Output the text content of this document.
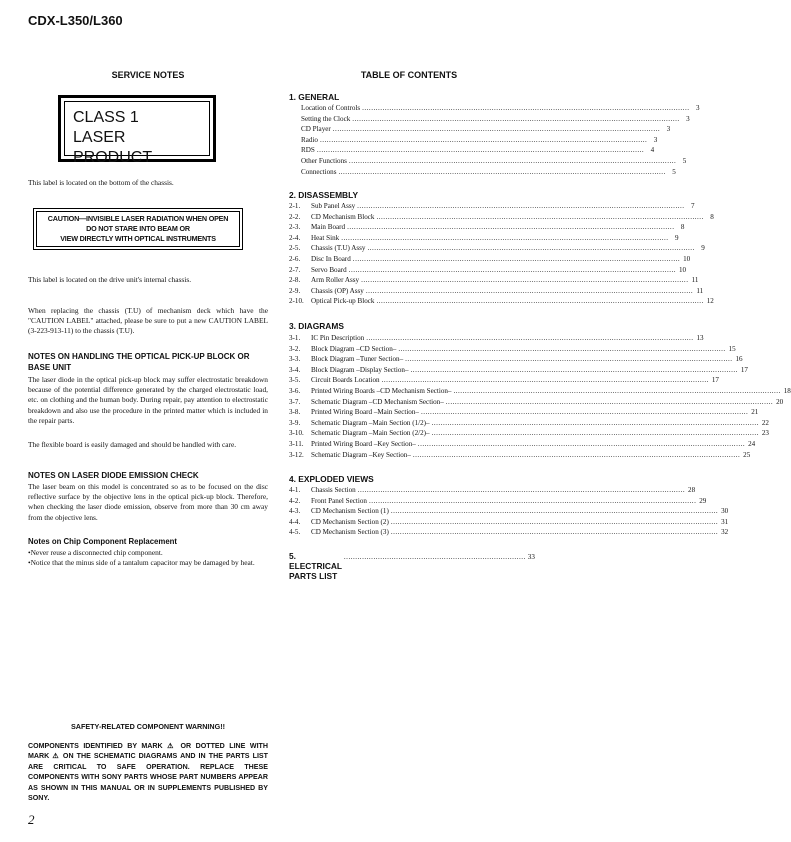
CDX-L350/L360
SERVICE NOTES
CLASS 1
LASER PRODUCT
This label is located on the bottom of the chassis.
CAUTION—INVISIBLE LASER RADIATION WHEN OPEN
DO NOT STARE INTO BEAM OR
VIEW DIRECTLY WITH OPTICAL INSTRUMENTS
This label is located on the drive unit's internal chassis.
When replacing the chassis (T.U) of mechanism deck which have the "CAUTION LABEL" attached, please be sure to put a new CAUTION LABEL (3-223-913-11) to the chassis (T.U).
NOTES ON HANDLING THE OPTICAL PICK-UP BLOCK OR BASE UNIT
The laser diode in the optical pick-up block may suffer electrostatic breakdown because of the potential difference generated by the charged electrostatic load, etc. on clothing and the human body. During repair, pay attention to electrostatic breakdown and also use the procedure in the printed matter which is included in the repair parts.
The flexible board is easily damaged and should be handled with care.
NOTES ON LASER DIODE EMISSION CHECK
The laser beam on this model is concentrated so as to be focused on the disc reflective surface by the objective lens in the optical pick-up block. Therefore, when checking the laser diode emission, observe from more than 30 cm away from the objective lens.
Notes on Chip Component Replacement
•Never reuse a disconnected chip component.
•Notice that the minus side of a tantalum capacitor may be damaged by heat.
TABLE OF CONTENTS
1. GENERAL
Location of Controls .....	3
Setting the Clock .....	3
CD Player .....	3
Radio .....	3
RDS .....	4
Other Functions .....	5
Connections .....	5
2. DISASSEMBLY
2-1.	Sub Panel Assy .....	7
2-2.	CD Mechanism Block .....	8
2-3.	Main Board .....	8
2-4.	Heat Sink .....	9
2-5.	Chassis (T.U) Assy .....	9
2-6.	Disc In Board .....	10
2-7.	Servo Board .....	10
2-8.	Arm Roller Assy .....	11
2-9.	Chassis (OP) Assy .....	11
2-10.	Optical Pick-up Block .....	12
3. DIAGRAMS
3-1.	IC Pin Description .....	13
3-2.	Block Diagram –CD Section– .....	15
3-3.	Block Diagram –Tuner Section– .....	16
3-4.	Block Diagram –Display Section– .....	17
3-5.	Circuit Boards Location .....	17
3-6.	Printed Wiring Boards –CD Mechanism Section– .....	18
3-7.	Schematic Diagram –CD Mechanism Section– .....	20
3-8.	Printed Wiring Board –Main Section– .....	21
3-9.	Schematic Diagram –Main Section (1/2)– .....	22
3-10.	Schematic Diagram –Main Section (2/2)– .....	23
3-11.	Printed Wiring Board –Key Section– .....	24
3-12.	Schematic Diagram –Key Section– .....	25
4. EXPLODED VIEWS
4-1.	Chassis Section .....	28
4-2.	Front Panel Section .....	29
4-3.	CD Mechanism Section (1) .....	30
4-4.	CD Mechanism Section (2) .....	31
4-5.	CD Mechanism Section (3) .....	32
5. ELECTRICAL PARTS LIST
................................................................................ 33
SAFETY-RELATED COMPONENT WARNING!!
COMPONENTS IDENTIFIED BY MARK ⚠ OR DOTTED LINE WITH MARK ⚠ ON THE SCHEMATIC DIAGRAMS AND IN THE PARTS LIST ARE CRITICAL TO SAFE OPERATION. REPLACE THESE COMPONENTS WITH SONY PARTS WHOSE PART NUMBERS APPEAR AS SHOWN IN THIS MANUAL OR IN SUPPLEMENTS PUBLISHED BY SONY.
2
